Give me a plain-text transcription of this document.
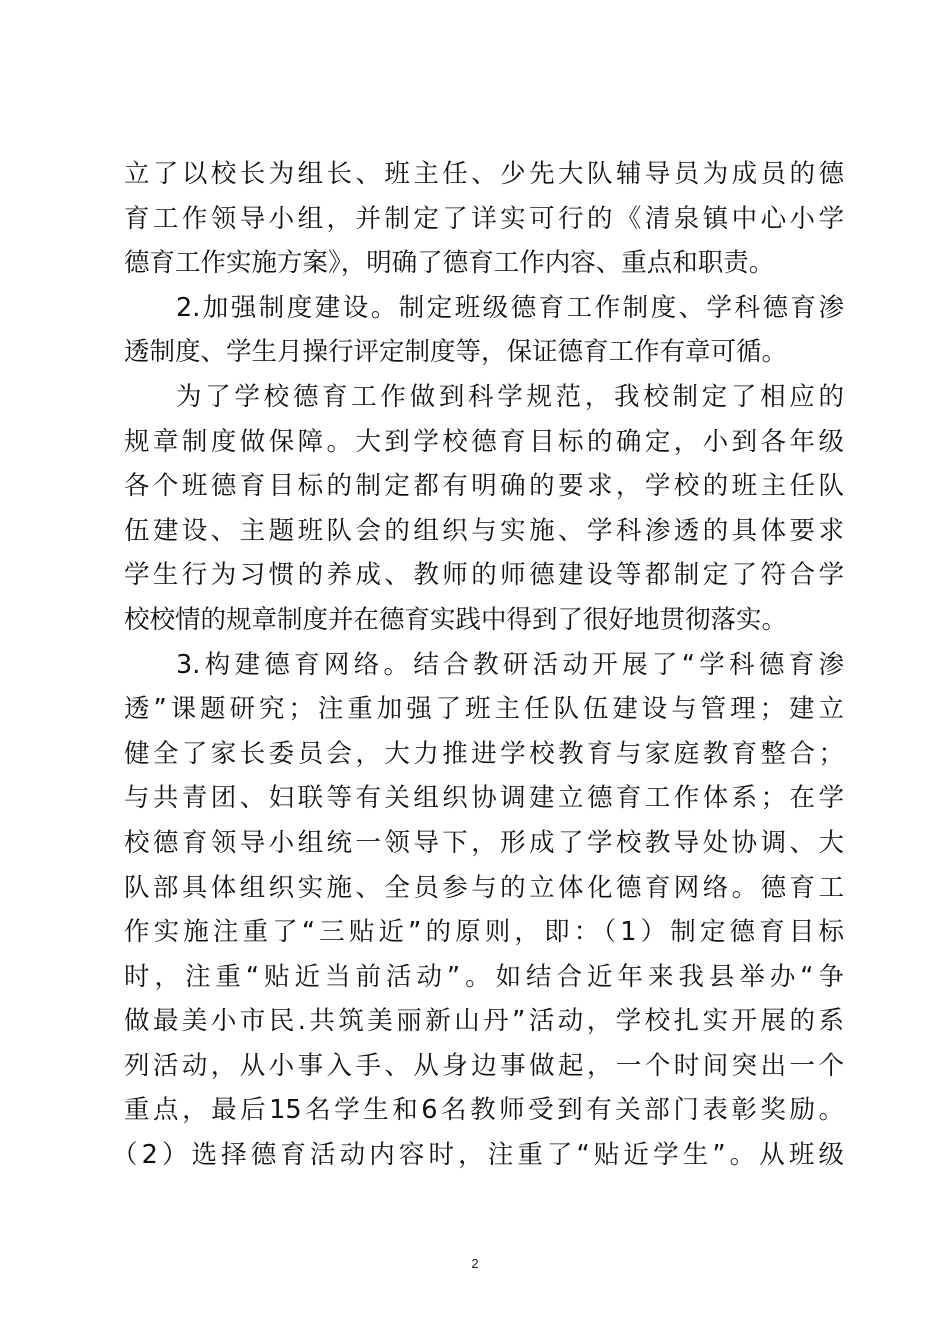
立了以校长为组长、班主任、少先大队辅导员为成员的德
育工作领导小组，并制定了详实可行的《清泉镇中心小学
德育工作实施方案》，明确了德育工作内容、重点和职责。
2.加强制度建设。制定班级德育工作制度、学科德育渗
透制度、学生月操行评定制度等，保证德育工作有章可循。
为了学校德育工作做到科学规范，我校制定了相应的
规章制度做保障。大到学校德育目标的确定，小到各年级
各个班德育目标的制定都有明确的要求，学校的班主任队
伍建设、主题班队会的组织与实施、学科渗透的具体要求
学生行为习惯的养成、教师的师德建设等都制定了符合学
校校情的规章制度并在德育实践中得到了很好地贯彻落实。
3.构建德育网络。结合教研活动开展了“学科德育渗
透”课题研究；注重加强了班主任队伍建设与管理；建立
健全了家长委员会，大力推进学校教育与家庭教育整合；
与共青团、妇联等有关组织协调建立德育工作体系；在学
校德育领导小组统一领导下，形成了学校教导处协调、大
队部具体组织实施、全员参与的立体化德育网络。德育工
作实施注重了“三贴近”的原则，即：（1）制定德育目标
时，注重“贴近当前活动”。如结合近年来我县举办“争
做最美小市民.共筑美丽新山丹”活动，学校扎实开展的系
列活动，从小事入手、从身边事做起，一个时间突出一个
重点，最后15名学生和6名教师受到有关部门表彰奖励。
（2）选择德育活动内容时，注重了“贴近学生”。从班级
2
